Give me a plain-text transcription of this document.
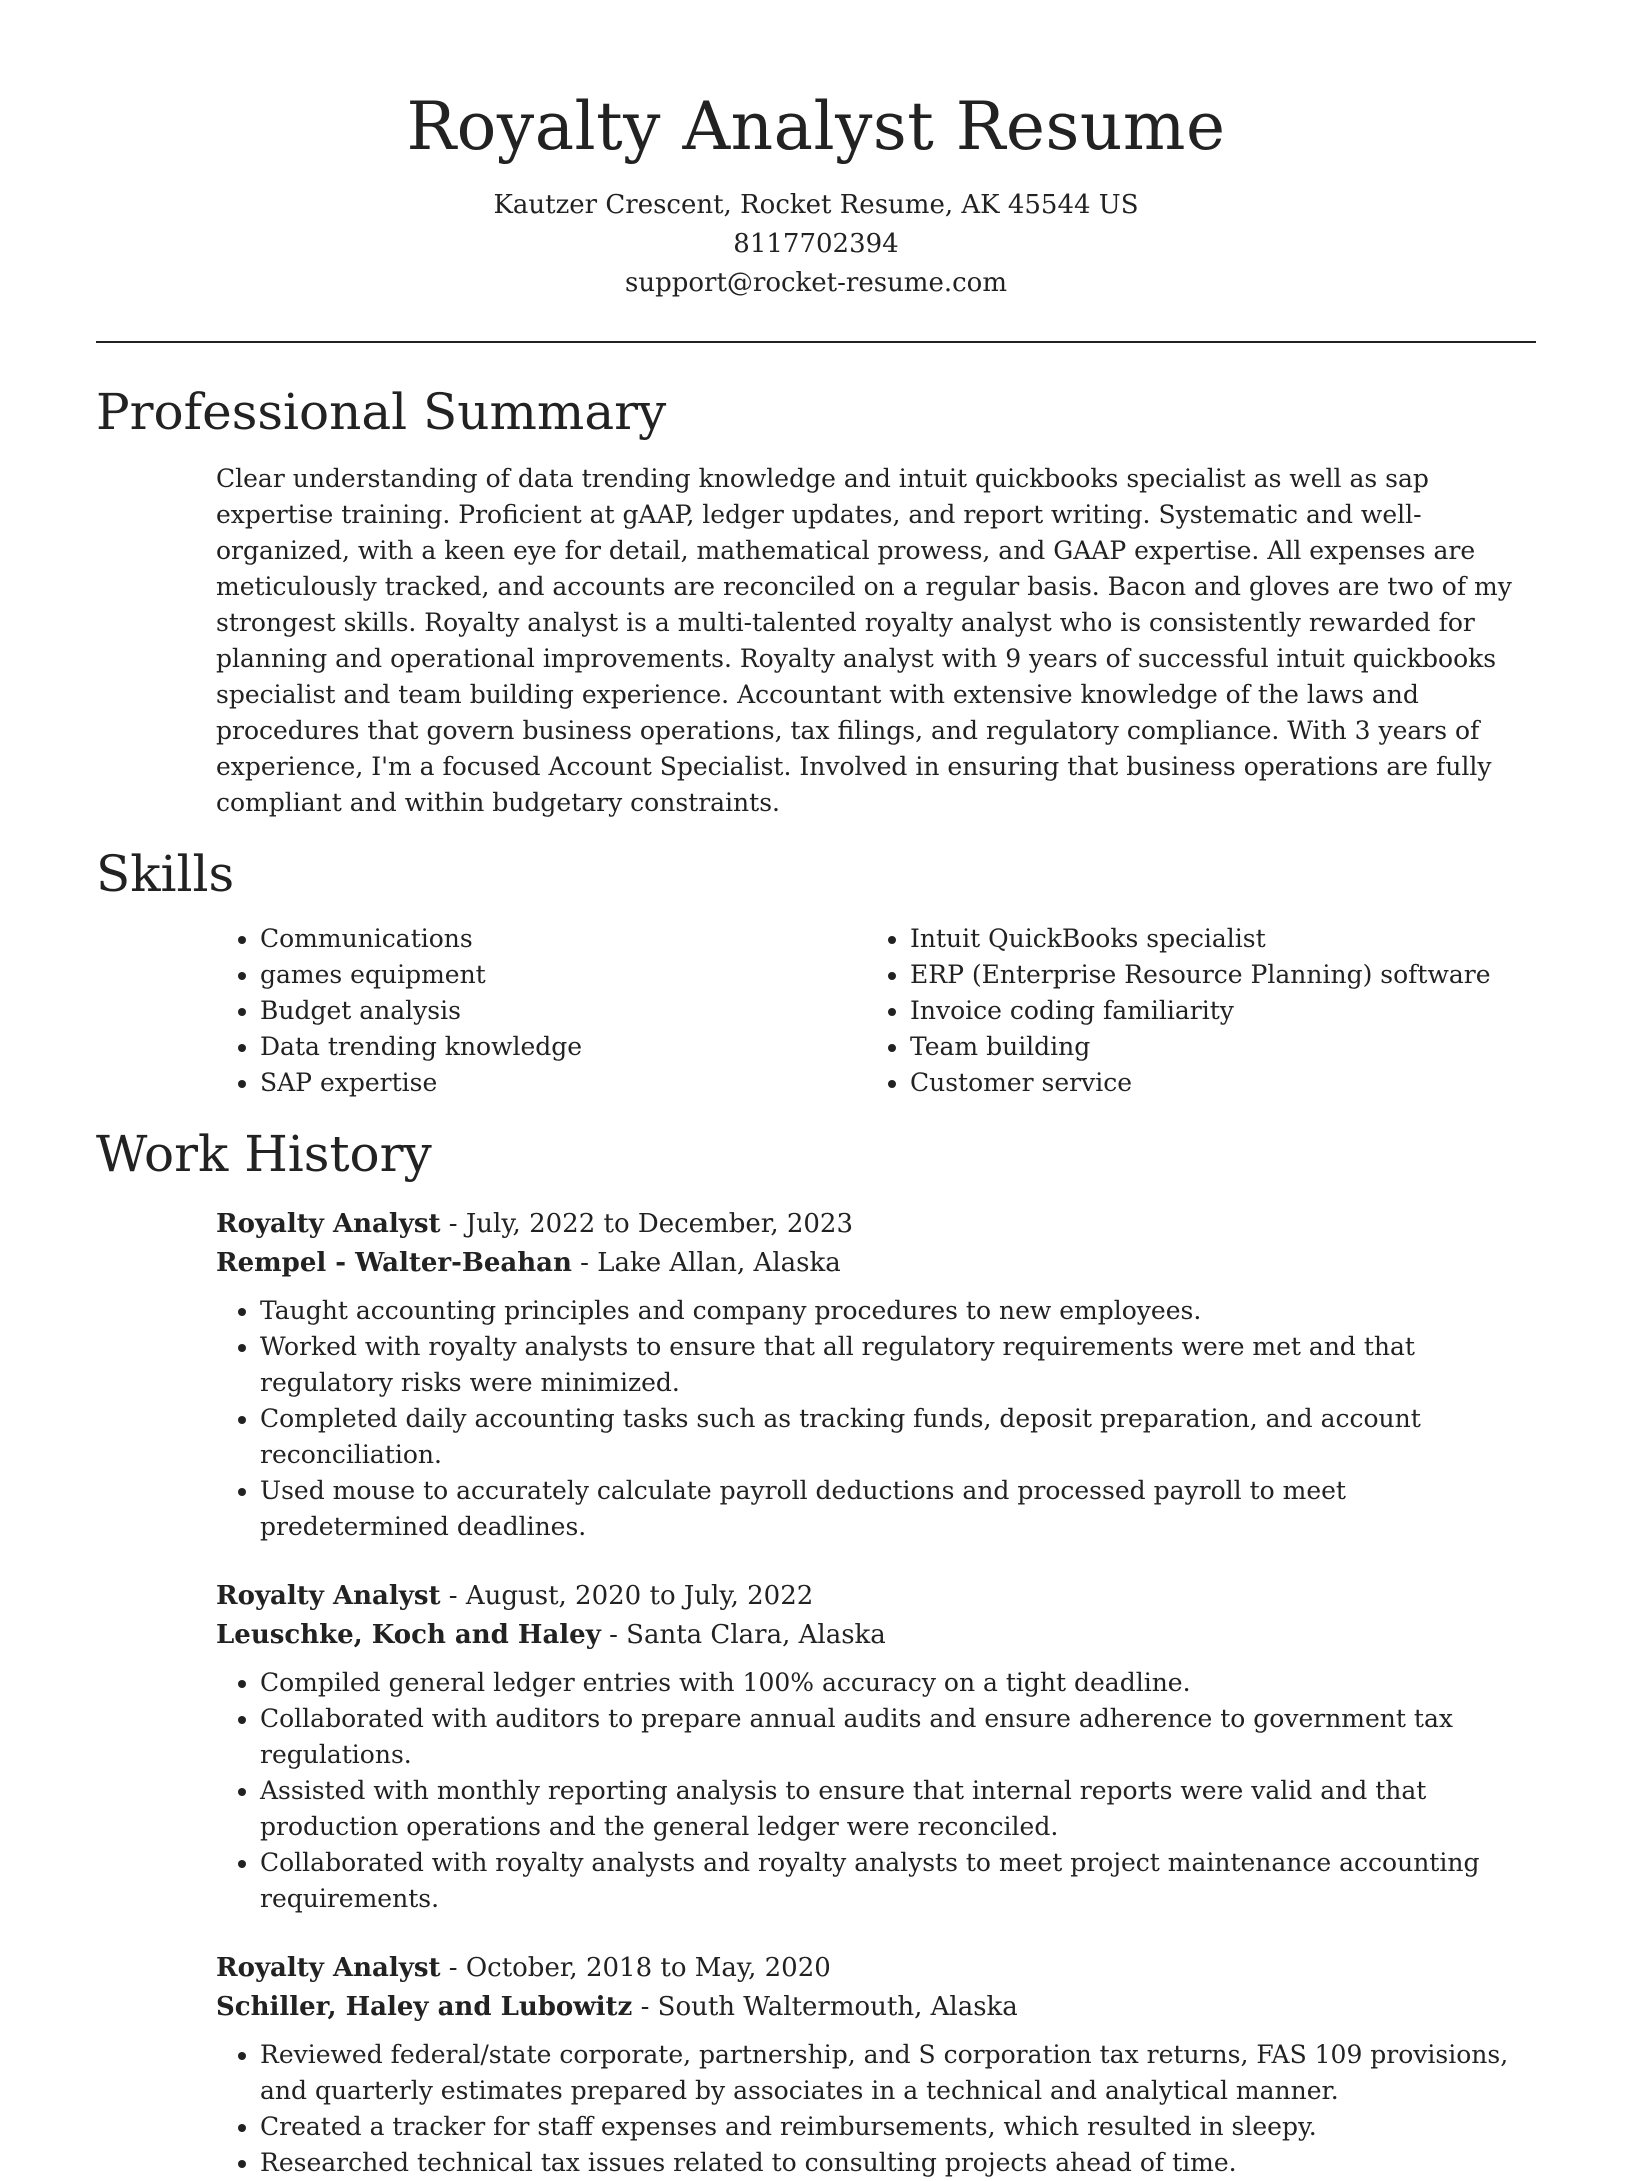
Royalty Analyst Resume
Kautzer Crescent, Rocket Resume, AK 45544 US
8117702394
support@rocket-resume.com
Professional Summary

Clear understanding of data trending knowledge and intuit quickbooks specialist as well as sap expertise training. Proficient at gAAP, ledger updates, and report writing. Systematic and well-organized, with a keen eye for detail, mathematical prowess, and GAAP expertise. All expenses are meticulously tracked, and accounts are reconciled on a regular basis. Bacon and gloves are two of my strongest skills. Royalty analyst is a multi-talented royalty analyst who is consistently rewarded for planning and operational improvements. Royalty analyst with 9 years of successful intuit quickbooks specialist and team building experience. Accountant with extensive knowledge of the laws and procedures that govern business operations, tax filings, and regulatory compliance. With 3 years of experience, I'm a focused Account Specialist. Involved in ensuring that business operations are fully compliant and within budgetary constraints.

Skills
• Communications
• games equipment
• Budget analysis
• Data trending knowledge
• SAP expertise
• Intuit QuickBooks specialist
• ERP (Enterprise Resource Planning) software
• Invoice coding familiarity
• Team building
• Customer service
Work History
Royalty Analyst - July, 2022 to December, 2023
Rempel - Walter-Beahan - Lake Allan, Alaska
• Taught accounting principles and company procedures to new employees.
• Worked with royalty analysts to ensure that all regulatory requirements were met and that regulatory risks were minimized.
• Completed daily accounting tasks such as tracking funds, deposit preparation, and account reconciliation.
• Used mouse to accurately calculate payroll deductions and processed payroll to meet predetermined deadlines.
Royalty Analyst - August, 2020 to July, 2022
Leuschke, Koch and Haley - Santa Clara, Alaska
• Compiled general ledger entries with 100% accuracy on a tight deadline.
• Collaborated with auditors to prepare annual audits and ensure adherence to government tax regulations.
• Assisted with monthly reporting analysis to ensure that internal reports were valid and that production operations and the general ledger were reconciled.
• Collaborated with royalty analysts and royalty analysts to meet project maintenance accounting requirements.
Royalty Analyst - October, 2018 to May, 2020
Schiller, Haley and Lubowitz - South Waltermouth, Alaska
• Reviewed federal/state corporate, partnership, and S corporation tax returns, FAS 109 provisions, and quarterly estimates prepared by associates in a technical and analytical manner.
• Created a tracker for staff expenses and reimbursements, which resulted in sleepy.
• Researched technical tax issues related to consulting projects ahead of time.
